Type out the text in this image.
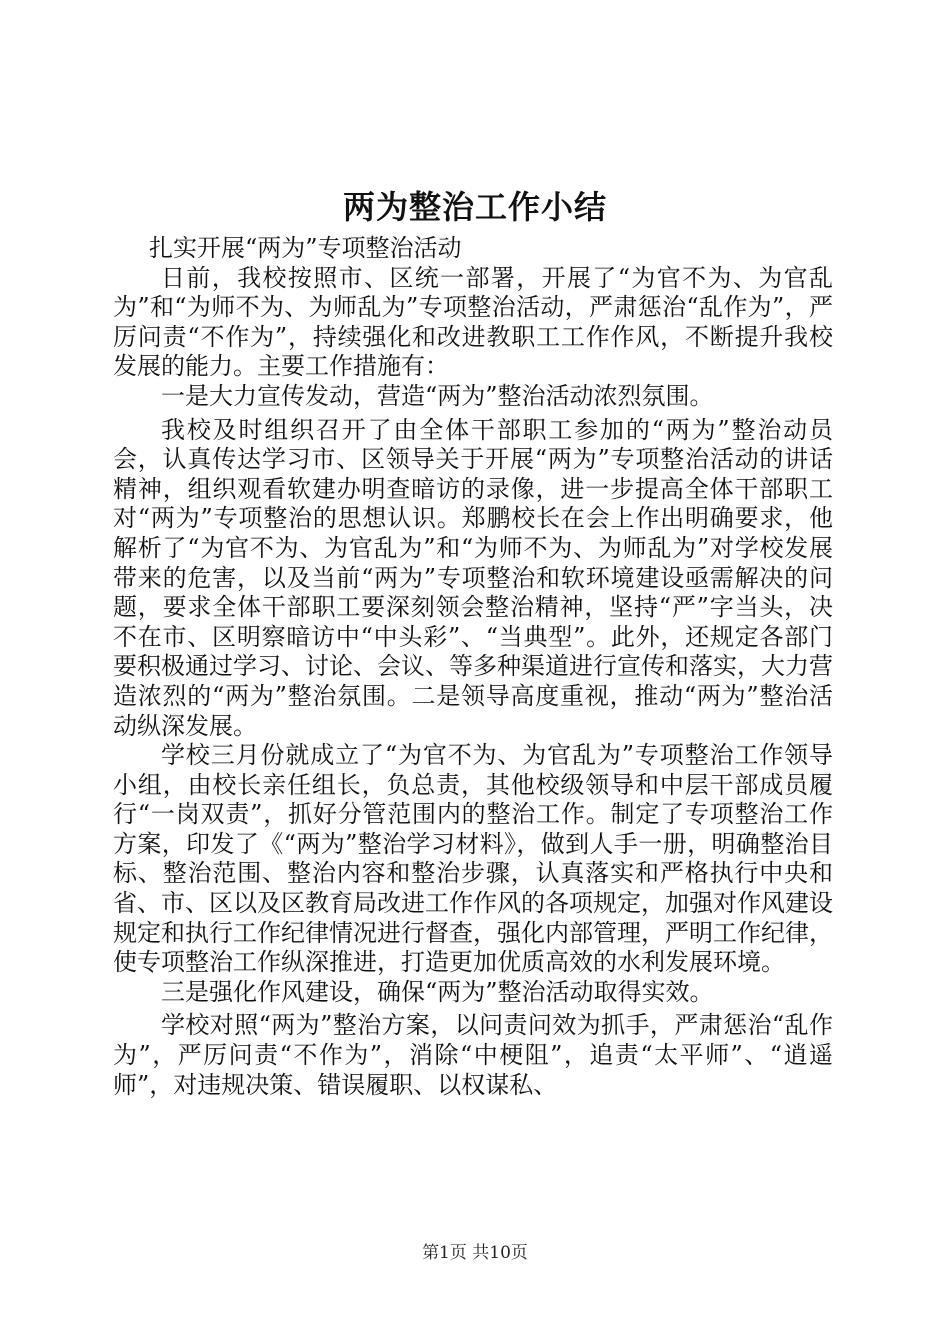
两为整治工作小结

扎实开展“两为”专项整治活动

日前，我校按照市、区统一部署，开展了“为官不为、为官乱为”和“为师不为、为师乱为”专项整治活动，严肃惩治“乱作为”，严厉问责“不作为”，持续强化和改进教职工工作作风，不断提升我校发展的能力。主要工作措施有：

一是大力宣传发动，营造“两为”整治活动浓烈氛围。

我校及时组织召开了由全体干部职工参加的“两为”整治动员会，认真传达学习市、区领导关于开展“两为”专项整治活动的讲话精神，组织观看软建办明查暗访的录像，进一步提高全体干部职工对“两为”专项整治的思想认识。郑鹏校长在会上作出明确要求，他解析了“为官不为、为官乱为”和“为师不为、为师乱为”对学校发展带来的危害，以及当前“两为”专项整治和软环境建设亟需解决的问题，要求全体干部职工要深刻领会整治精神，坚持“严”字当头，决不在市、区明察暗访中“中头彩”、“当典型”。此外，还规定各部门要积极通过学习、讨论、会议、等多种渠道进行宣传和落实，大力营造浓烈的“两为”整治氛围。二是领导高度重视，推动“两为”整治活动纵深发展。

学校三月份就成立了“为官不为、为官乱为”专项整治工作领导小组，由校长亲任组长，负总责，其他校级领导和中层干部成员履行“一岗双责”，抓好分管范围内的整治工作。制定了专项整治工作方案，印发了《“两为”整治学习材料》，做到人手一册，明确整治目标、整治范围、整治内容和整治步骤，认真落实和严格执行中央和省、市、区以及区教育局改进工作作风的各项规定，加强对作风建设规定和执行工作纪律情况进行督查，强化内部管理，严明工作纪律，使专项整治工作纵深推进，打造更加优质高效的水利发展环境。

三是强化作风建设，确保“两为”整治活动取得实效。

学校对照“两为”整治方案，以问责问效为抓手，严肃惩治“乱作为”，严厉问责“不作为”，消除“中梗阻”，追责“太平师”、“逍遥师”，对违规决策、错误履职、以权谋私、

第1页 共10页
